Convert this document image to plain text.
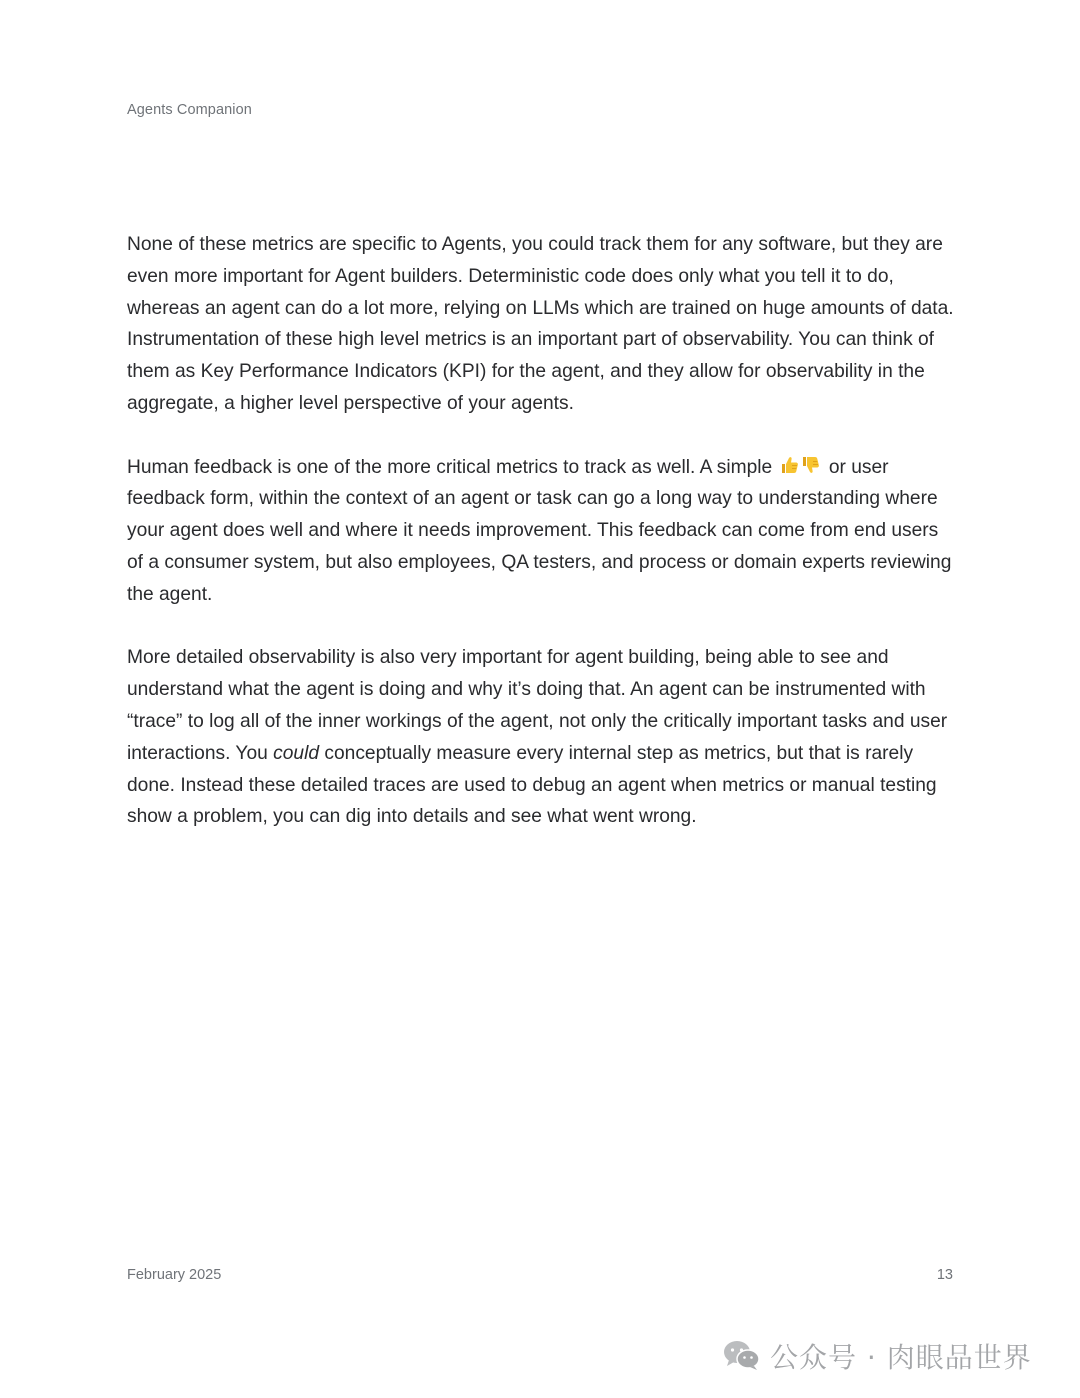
Agents Companion

None of these metrics are specific to Agents, you could track them for any software, but they are even more important for Agent builders. Deterministic code does only what you tell it to do, whereas an agent can do a lot more, relying on LLMs which are trained on huge amounts of data. Instrumentation of these high level metrics is an important part of observability. You can think of them as Key Performance Indicators (KPI) for the agent, and they allow for observability in the aggregate, a higher level perspective of your agents.

Human feedback is one of the more critical metrics to track as well. A simple	or user feedback form, within the context of an agent or task can go a long way to understanding where your agent does well and where it needs improvement. This feedback can come from end users of a consumer system, but also employees, QA testers, and process or domain experts reviewing the agent.

More detailed observability is also very important for agent building, being able to see and understand what the agent is doing and why it’s doing that. An agent can be instrumented with “trace” to log all of the inner workings of the agent, not only the critically important tasks and user interactions. You could conceptually measure every internal step as metrics, but that is rarely done. Instead these detailed traces are used to debug an agent when metrics or manual testing show a problem, you can dig into details and see what went wrong.

February 2025	13
公众号 · 肉眼品世界
